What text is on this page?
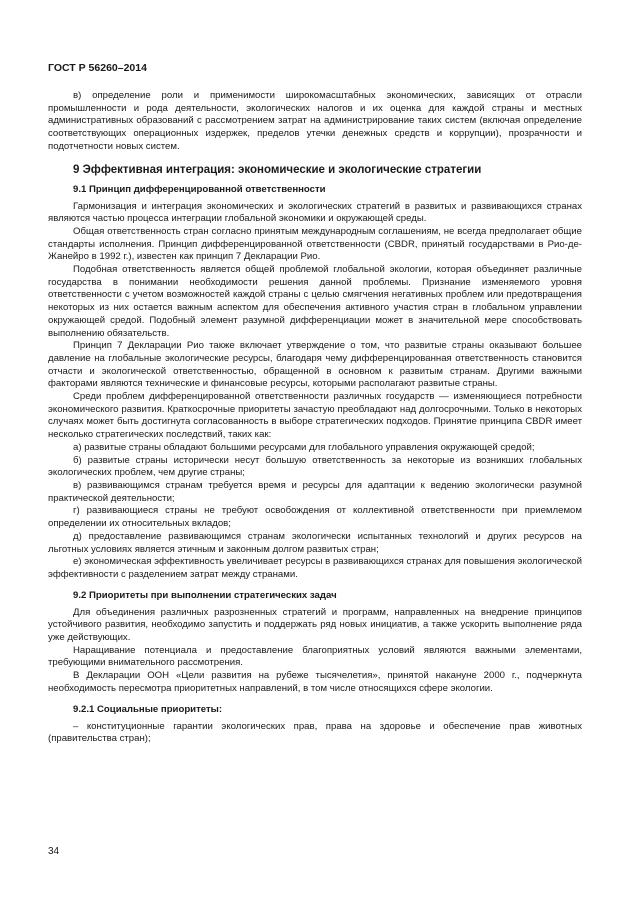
ГОСТ Р 56260–2014

в) определение роли и применимости широкомасштабных экономических, зависящих от отрасли промышленности и рода деятельности, экологических налогов и их оценка для каждой страны и местных административных образований с рассмотрением затрат на администрирование таких систем (включая определение соответствующих операционных издержек, пределов утечки денежных средств и коррупции), прозрачности и подотчетности новых систем.

9 Эффективная интеграция: экономические и экологические стратегии
9.1 Принцип дифференцированной ответственности

Гармонизация и интеграция экономических и экологических стратегий в развитых и развивающихся странах являются частью процесса интеграции глобальной экономики и окружающей среды.

Общая ответственность стран согласно принятым международным соглашениям, не всегда предполагает общие стандарты исполнения. Принцип дифференцированной ответственности (CBDR, принятый государствами в Рио-де-Жанейро в 1992 г.), известен как принцип 7 Декларации Рио.

Подобная ответственность является общей проблемой глобальной экологии, которая объединяет различные государства в понимании необходимости решения данной проблемы. Признание изменяемого уровня ответственности с учетом возможностей каждой страны с целью смягчения негативных проблем или предотвращения некоторых из них остается важным аспектом для обеспечения активного участия стран в глобальном управлении окружающей средой. Подобный элемент разумной дифференциации может в значительной мере способствовать выполнению обязательств.

Принцип 7 Декларации Рио также включает утверждение о том, что развитые страны оказывают большее давление на глобальные экологические ресурсы, благодаря чему дифференцированная ответственность становится отчасти и экологической ответственностью, обращенной в основном к развитым странам. Другими важными факторами являются технические и финансовые ресурсы, которыми располагают развитые страны.

Среди проблем дифференцированной ответственности различных государств — изменяющиеся потребности экономического развития. Краткосрочные приоритеты зачастую преобладают над долгосрочными. Только в некоторых случаях может быть достигнута согласованность в выборе стратегических подходов. Принятие принципа CBDR имеет несколько стратегических последствий, таких как:

а) развитые страны обладают большими ресурсами для глобального управления окружающей средой;

б) развитые страны исторически несут большую ответственность за некоторые из возникших глобальных экологических проблем, чем другие страны;

в) развивающимся странам требуется время и ресурсы для адаптации к ведению экологически разумной практической деятельности;

г) развивающиеся страны не требуют освобождения от коллективной ответственности при приемлемом определении их относительных вкладов;

д) предоставление развивающимся странам экологически испытанных технологий и других ресурсов на льготных условиях является этичным и законным долгом развитых стран;

е) экономическая эффективность увеличивает ресурсы в развивающихся странах для повышения экологической эффективности с разделением затрат между странами.

9.2 Приоритеты при выполнении стратегических задач

Для объединения различных разрозненных стратегий и программ, направленных на внедрение принципов устойчивого развития, необходимо запустить и поддержать ряд новых инициатив, а также ускорить выполнение ряда уже действующих.

Наращивание потенциала и предоставление благоприятных условий являются важными элементами, требующими внимательного рассмотрения.

В Декларации ООН «Цели развития на рубеже тысячелетия», принятой накануне 2000 г., подчеркнута необходимость пересмотра приоритетных направлений, в том числе относящихся сфере экологии.

9.2.1 Социальные приоритеты:

– конституционные гарантии экологических прав, права на здоровье и обеспечение прав животных (правительства стран);

34
